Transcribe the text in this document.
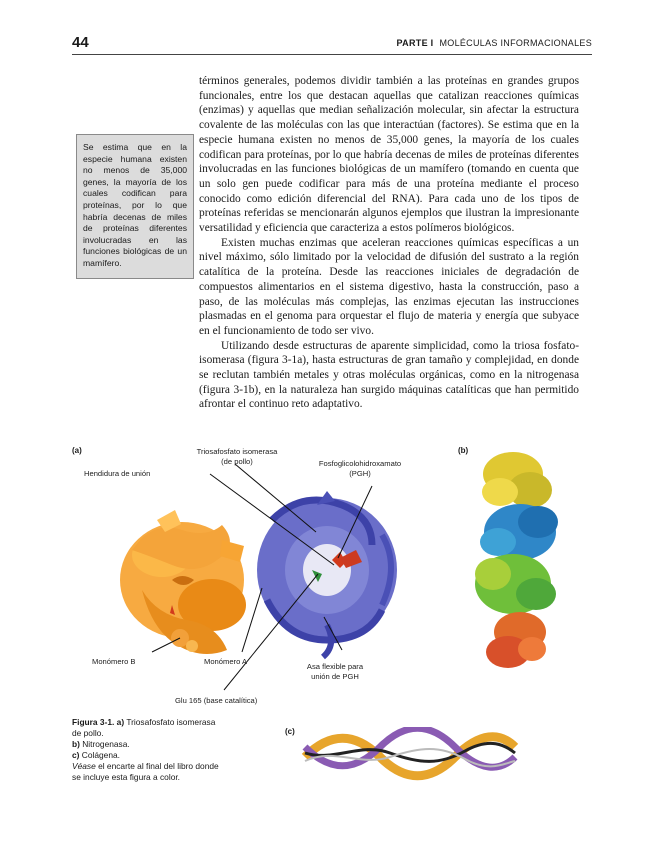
44	PARTE I MOLÉCULAS INFORMACIONALES

términos generales, podemos dividir también a las proteínas en grandes grupos funcionales, entre los que destacan aquellas que catalizan reacciones químicas (enzimas) y aquellas que median señalización molecular, sin afectar la estructura covalente de las moléculas con las que interactúan (factores). Se estima que en la especie humana existen no menos de 35,000 genes, la mayoría de los cuales codifican para proteínas, por lo que habría decenas de miles de proteínas diferentes involucradas en las funciones biológicas de un mamífero (tomando en cuenta que un solo gen puede codificar para más de una proteína mediante el proceso conocido como edición diferencial del RNA). Para cada uno de los tipos de proteínas referidas se mencionarán algunos ejemplos que ilustran la impresionante versatilidad y eficiencia que caracteriza a estos polímeros biológicos.

Existen muchas enzimas que aceleran reacciones químicas específicas a un nivel máximo, sólo limitado por la velocidad de difusión del sustrato a la región catalítica de la proteína. Desde las reacciones iniciales de degradación de compuestos alimentarios en el sistema digestivo, hasta la construcción, paso a paso, de las moléculas más complejas, las enzimas ejecutan las instrucciones plasmadas en el genoma para orquestar el flujo de materia y energía que subyace en el funcionamiento de todo ser vivo.

Utilizando desde estructuras de aparente simplicidad, como la triosa fosfato-isomerasa (figura 3-1a), hasta estructuras de gran tamaño y complejidad, en donde se reclutan también metales y otras moléculas orgánicas, como en la nitrogenasa (figura 3-1b), en la naturaleza han surgido máquinas catalíticas que han permitido afrontar el continuo reto adaptativo.

Se estima que en la especie humana existen no menos de 35,000 genes, la mayoría de los cuales codifican para proteínas, por lo que habría decenas de miles de proteínas diferentes involucradas en las funciones biológicas de un mamífero.
(a)	(b)
(c)
Triosafosfato isomerasa
(de pollo)
Hendidura de unión
Fosfoglicolohidroxamato
(PGH)
Monómero B	Monómero A
Asa flexible para
unión de PGH
Glu 165 (base catalítica)
Figura 3-1. a) Triosafosfato isomerasa
de pollo.
b) Nitrogenasa.
c) Colágena.
Véase el encarte al final del libro donde
se incluye esta figura a color.
